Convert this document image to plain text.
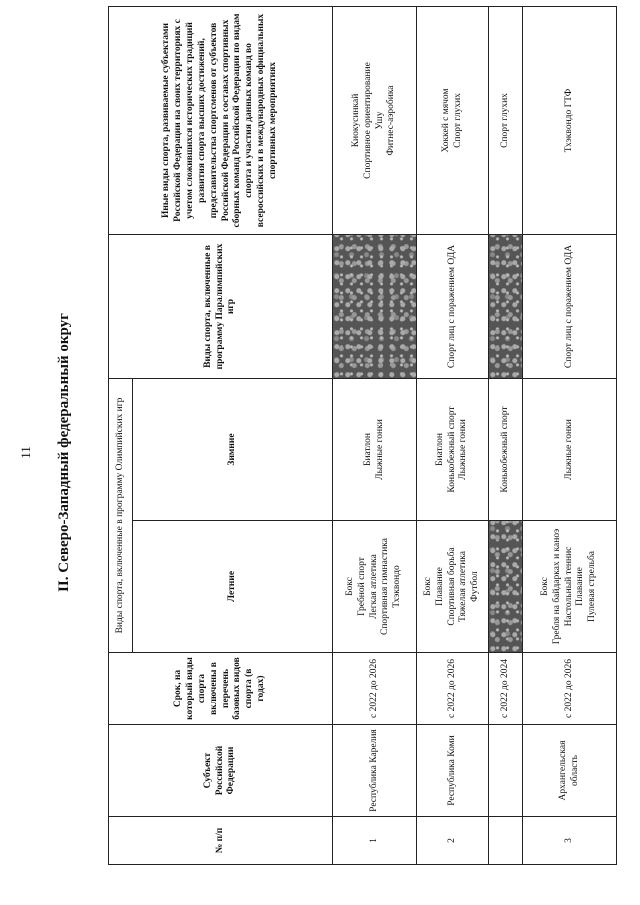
11 II. Северо-Западный федеральный округ
№ п/п	Субъект Российской Федерации	Срок, на который виды спорта включены в перечень базовых видов спорта (в годах)	Виды спорта, включенные в программу Олимпийских игр		Виды спорта, включенные в программу Паралимпийских игр	Иные виды спорта, развиваемые субъектами Российской Федерации на своих территориях с учетом сложившихся исторических традиций развития спорта высших достижений, представительства спортсменов от субъектов Российской Федерации в составах спортивных сборных команд Российской Федерации по видам спорта и участия данных команд во всероссийских и в международных официальных спортивных мероприятиях
			Летние	Зимние		
1	Республика Карелия	с 2022 до 2026	Бокс Гребной спорт Легкая атлетика Спортивная гимнастика Тхэквондо	Биатлон Лыжные гонки		Киокусинкай Спортивное ориентирование Ушу Фитнес-аэробика

2	Республика Коми	с 2022 до 2026	Бокс Плавание Спортивная борьба Тяжелая атлетика Футбол	Биатлон Конькобежный спорт Лыжные гонки	Спорт лиц с поражением ОДА	Хоккей с мячом Спорт глухих

		с 2022 до 2024		Конькобежный спорт		Спорт глухих

3	Архангельская область	с 2022 до 2026	Бокс Гребля на байдарках и каноэ Настольный теннис Плавание Пулевая стрельба	Лыжные гонки	Спорт лиц с поражением ОДА	Тхэквондо ГТФ
